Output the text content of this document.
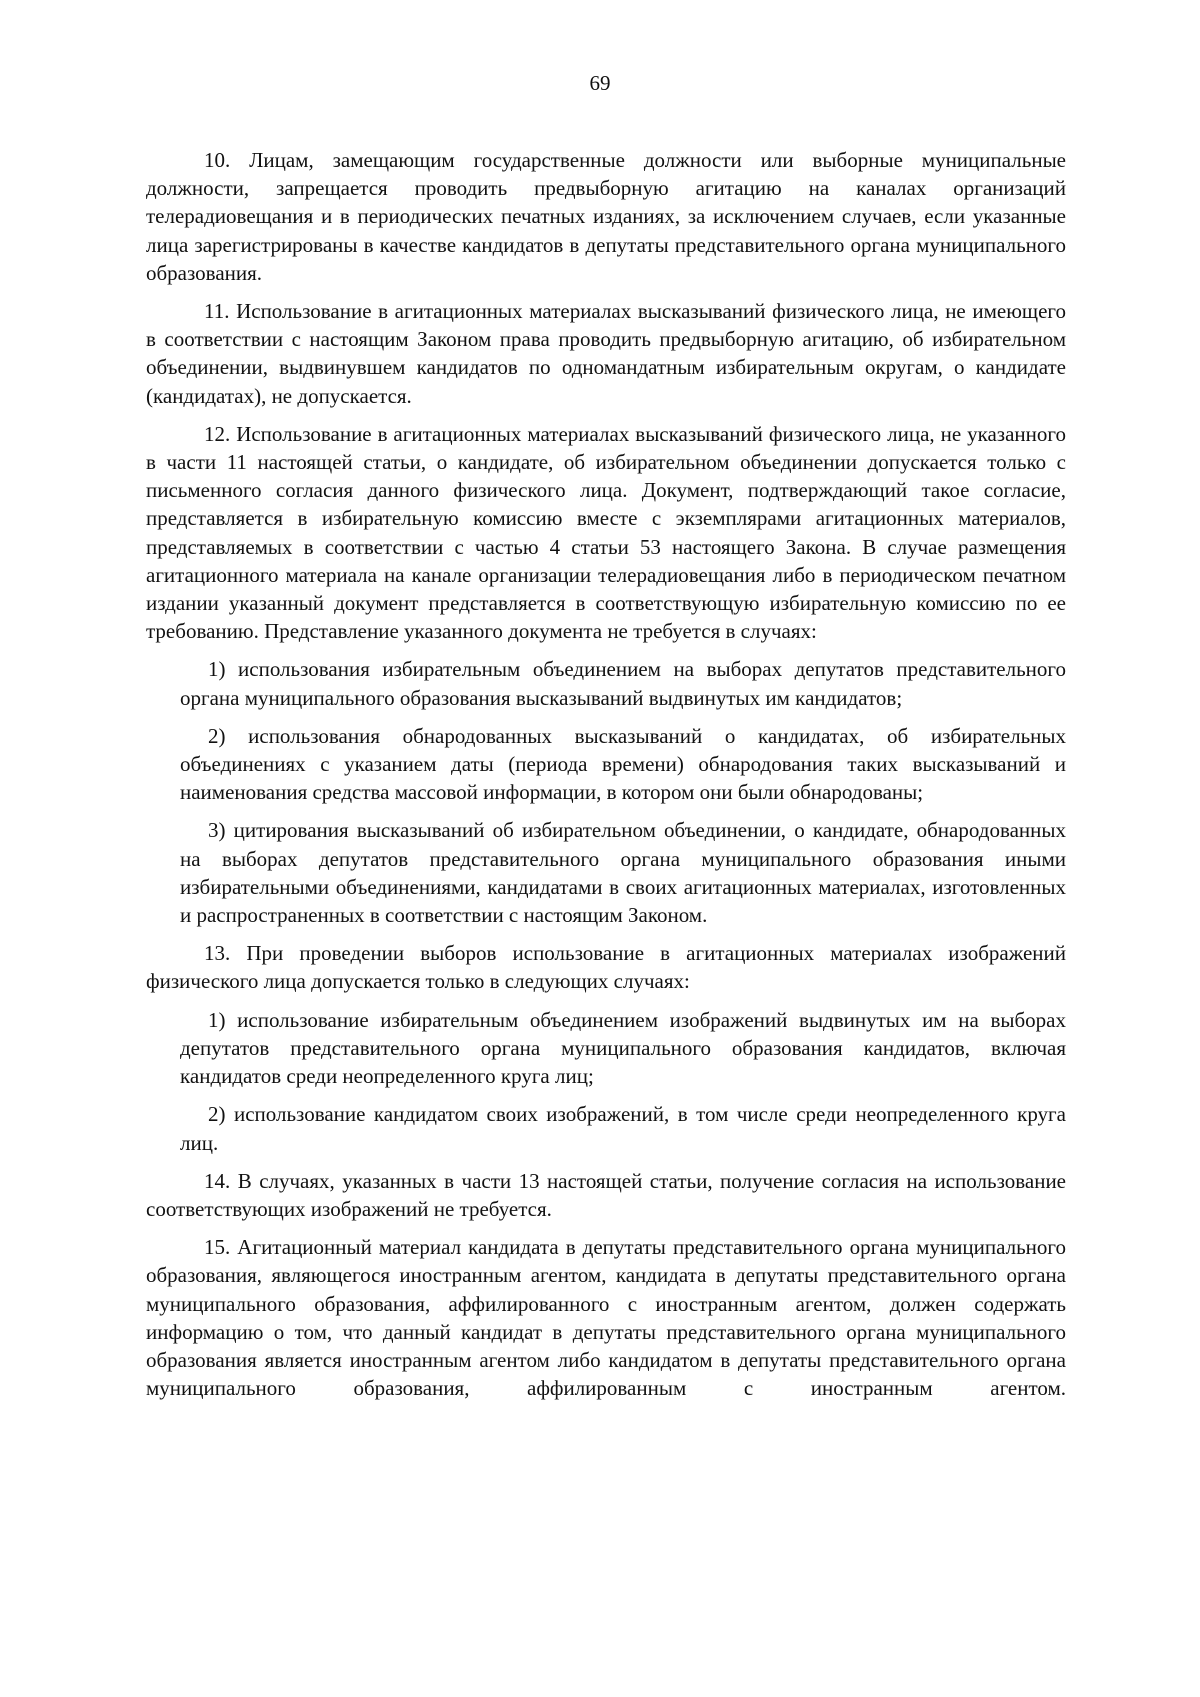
69

10. Лицам, замещающим государственные должности или выборные муниципальные должности, запрещается проводить предвыборную агитацию на каналах организаций телерадиовещания и в периодических печатных изданиях, за исключением случаев, если указанные лица зарегистрированы в качестве кандидатов в депутаты представительного органа муниципального образования.

11. Использование в агитационных материалах высказываний физического лица, не имеющего в соответствии с настоящим Законом права проводить предвыборную агитацию, об избирательном объединении, выдвинувшем кандидатов по одномандатным избирательным округам, о кандидате (кандидатах), не допускается.

12. Использование в агитационных материалах высказываний физического лица, не указанного в части 11 настоящей статьи, о кандидате, об избирательном объединении допускается только с письменного согласия данного физического лица. Документ, подтверждающий такое согласие, представляется в избирательную комиссию вместе с экземплярами агитационных материалов, представляемых в соответствии с частью 4 статьи 53 настоящего Закона. В случае размещения агитационного материала на канале организации телерадиовещания либо в периодическом печатном издании указанный документ представляется в соответствующую избирательную комиссию по ее требованию. Представление указанного документа не требуется в случаях:

1) использования избирательным объединением на выборах депутатов представительного органа муниципального образования высказываний выдвинутых им кандидатов;

2) использования обнародованных высказываний о кандидатах, об избирательных объединениях с указанием даты (периода времени) обнародования таких высказываний и наименования средства массовой информации, в котором они были обнародованы;

3) цитирования высказываний об избирательном объединении, о кандидате, обнародованных на выборах депутатов представительного органа муниципального образования иными избирательными объединениями, кандидатами в своих агитационных материалах, изготовленных и распространенных в соответствии с настоящим Законом.

13. При проведении выборов использование в агитационных материалах изображений физического лица допускается только в следующих случаях:

1) использование избирательным объединением изображений выдвинутых им на выборах депутатов представительного органа муниципального образования кандидатов, включая кандидатов среди неопределенного круга лиц;

2) использование кандидатом своих изображений, в том числе среди неопределенного круга лиц.

14. В случаях, указанных в части 13 настоящей статьи, получение согласия на использование соответствующих изображений не требуется.

15. Агитационный материал кандидата в депутаты представительного органа муниципального образования, являющегося иностранным агентом, кандидата в депутаты представительного органа муниципального образования, аффилированного с иностранным агентом, должен содержать информацию о том, что данный кандидат в депутаты представительного органа муниципального образования является иностранным агентом либо кандидатом в депутаты представительного органа муниципального образования, аффилированным с иностранным агентом.
